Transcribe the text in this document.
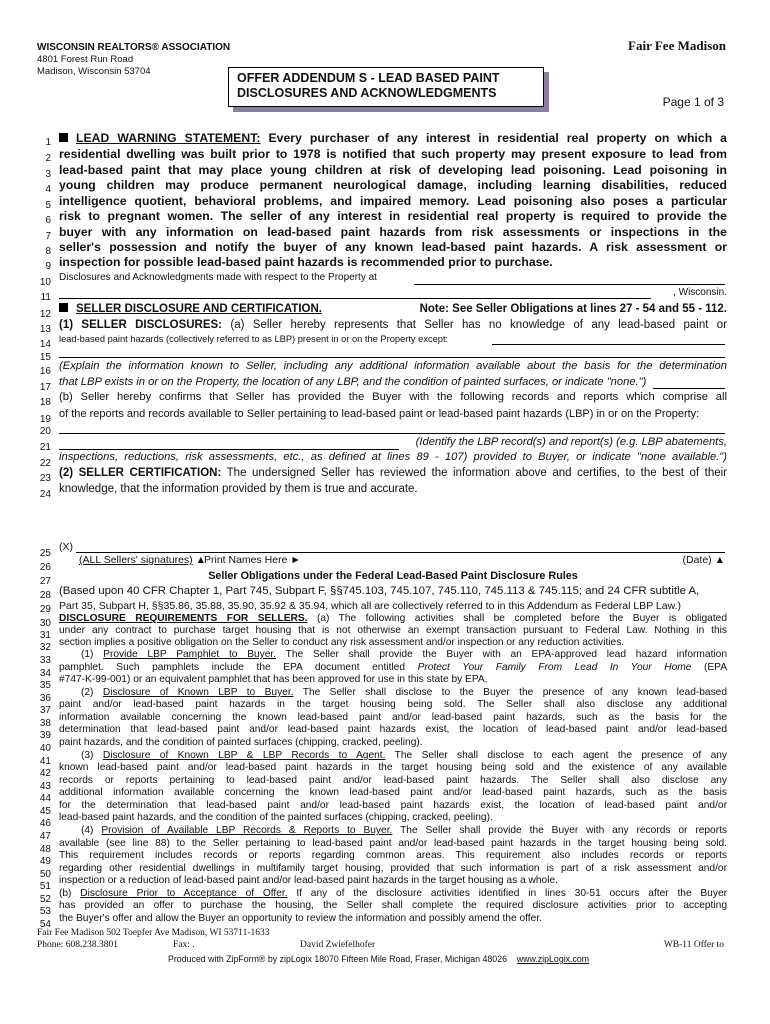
Fair Fee Madison
WISCONSIN REALTORS® ASSOCIATION
4801 Forest Run Road
Madison, Wisconsin 53704	OFFER ADDENDUM S - LEAD BASED PAINT
DISCLOSURES AND ACKNOWLEDGMENTS
Page 1 of 3
1
2
3
4
5
6
7
8
9
10
11
12
13
14
15
16
17
18
19
20
21
22
23
24
25
26
27
28
29
30
31
32
33
34
35
36
37
38
39
40
41
42
43
44
45
46
47
48
49
50
51
52
53
54
LEAD WARNING STATEMENT: Every purchaser of any interest in residential real property on which a
residential dwelling was built prior to 1978 is notified that such property may present exposure to lead from
lead-based paint that may place young children at risk of developing lead poisoning. Lead poisoning in
young children may produce permanent neurological damage, including learning disabilities, reduced
intelligence quotient, behavioral problems, and impaired memory. Lead poisoning also poses a particular
risk to pregnant women. The seller of any interest in residential real property is required to provide the
buyer with any information on lead-based paint hazards from risk assessments or inspections in the
seller's possession and notify the buyer of any known lead-based paint hazards. A risk assessment or
inspection for possible lead-based paint hazards is recommended prior to purchase.
Disclosures and Acknowledgments made with respect to the Property at
, Wisconsin.
SELLER DISCLOSURE AND CERTIFICATION.	Note: See Seller Obligations at lines 27 - 54 and 55 - 112.
(1) SELLER DISCLOSURES: (a) Seller hereby represents that Seller has no knowledge of any lead-based paint or
lead-based paint hazards (collectively referred to as LBP) present in or on the Property except:
(Explain the information known to Seller, including any additional information available about the basis for the determination
that LBP exists in or on the Property, the location of any LBP, and the condition of painted surfaces, or indicate "none.")
(b) Seller hereby confirms that Seller has provided the Buyer with the following records and reports which comprise all
of the reports and records available to Seller pertaining to lead-based paint or lead-based paint hazards (LBP) in or on the Property:
(Identify the LBP record(s) and report(s) (e.g. LBP abatements,
inspections, reductions, risk assessments, etc., as defined at lines 89 - 107) provided to Buyer, or indicate "none available.")
(2) SELLER CERTIFICATION: The undersigned Seller has reviewed the information above and certifies, to the best of their
knowledge, that the information provided by them is true and accurate.
(X)
(ALL Sellers' signatures) ▲
Print Names Here ►	(Date) ▲
Seller Obligations under the Federal Lead-Based Paint Disclosure Rules
(Based upon 40 CFR Chapter 1, Part 745, Subpart F, §§745.103, 745.107, 745.110, 745.113 & 745.115; and 24 CFR subtitle A,
Part 35, Subpart H, §§35.86, 35.88, 35.90, 35.92 & 35.94, which all are collectively referred to in this Addendum as Federal LBP Law.)
DISCLOSURE REQUIREMENTS FOR SELLERS. (a) The following activities shall be completed before the Buyer is obligated
under any contract to purchase target housing that is not otherwise an exempt transaction pursuant to Federal Law. Nothing in this
section implies a positive obligation on the Seller to conduct any risk assessment and/or inspection or any reduction activities.
(1) Provide LBP Pamphlet to Buyer. The Seller shall provide the Buyer with an EPA-approved lead hazard information
pamphlet. Such pamphlets include the EPA document entitled Protect Your Family From Lead In Your Home (EPA
#747-K-99-001) or an equivalent pamphlet that has been approved for use in this state by EPA.
(2) Disclosure of Known LBP to Buyer. The Seller shall disclose to the Buyer the presence of any known lead-based
paint and/or lead-based paint hazards in the target housing being sold. The Seller shall also disclose any additional
information available concerning the known lead-based paint and/or lead-based paint hazards, such as the basis for the
determination that lead-based paint and/or lead-based paint hazards exist, the location of lead-based paint and/or lead-based
paint hazards, and the condition of painted surfaces (chipping, cracked, peeling).
(3) Disclosure of Known LBP & LBP Records to Agent. The Seller shall disclose to each agent the presence of any
known lead-based paint and/or lead-based paint hazards in the target housing being sold and the existence of any available
records or reports pertaining to lead-based paint and/or lead-based paint hazards. The Seller shall also disclose any
additional information available concerning the known lead-based paint and/or lead-based paint hazards, such as the basis
for the determination that lead-based paint and/or lead-based paint hazards exist, the location of lead-based paint and/or
lead-based paint hazards, and the condition of the painted surfaces (chipping, cracked, peeling).
(4) Provision of Available LBP Records & Reports to Buyer. The Seller shall provide the Buyer with any records or reports
available (see line 88) to the Seller pertaining to lead-based paint and/or lead-based paint hazards in the target housing being sold.
This requirement includes records or reports regarding common areas. This requirement also includes records or reports
regarding other residential dwellings in multifamily target housing, provided that such information is part of a risk assessment and/or
inspection or a reduction of lead-based paint and/or lead-based paint hazards in the target housing as a whole.
(b) Disclosure Prior to Acceptance of Offer. If any of the disclosure activities identified in lines 30-51 occurs after the Buyer
has provided an offer to purchase the housing, the Seller shall complete the required disclosure activities prior to accepting
the Buyer's offer and allow the Buyer an opportunity to review the information and possibly amend the offer.
Fair Fee Madison 502 Toepfer Ave Madison, WI 53711-1633
Phone: 608.238.3801	Fax: .	David Zwiefelhofer	WB-11 Offer to
Produced with ZipForm® by zipLogix 18070 Fifteen Mile Road, Fraser, Michigan 48026 www.zipLogix.com
